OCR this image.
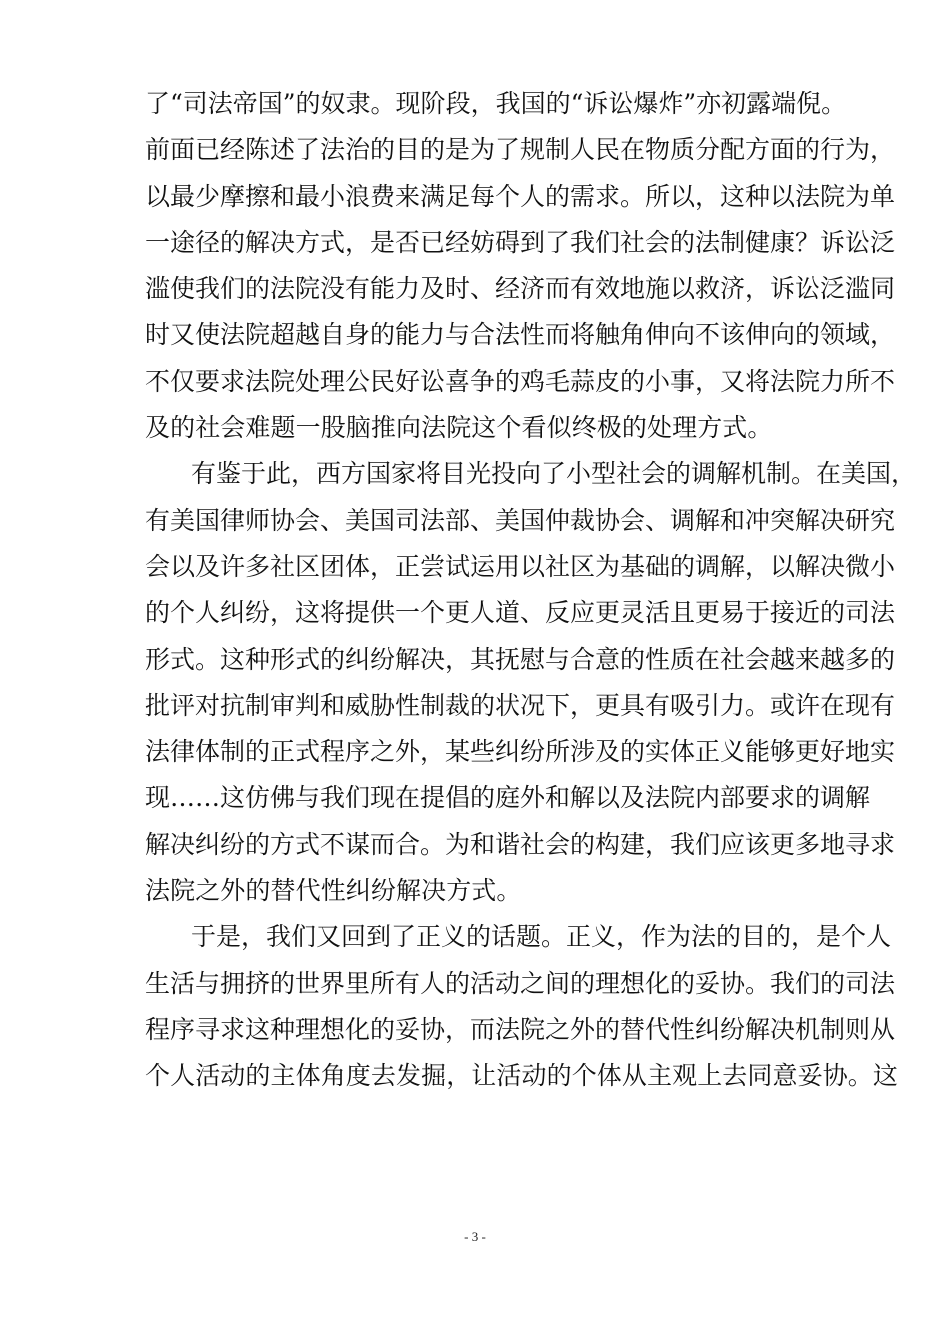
了“司法帝国”的奴隶。现阶段，我国的“诉讼爆炸”亦初露端倪。
前面已经陈述了法治的目的是为了规制人民在物质分配方面的行为，
以最少摩擦和最小浪费来满足每个人的需求。所以，这种以法院为单
一途径的解决方式，是否已经妨碍到了我们社会的法制健康？诉讼泛
滥使我们的法院没有能力及时、经济而有效地施以救济，诉讼泛滥同
时又使法院超越自身的能力与合法性而将触角伸向不该伸向的领域，
不仅要求法院处理公民好讼喜争的鸡毛蒜皮的小事，又将法院力所不
及的社会难题一股脑推向法院这个看似终极的处理方式。
有鉴于此，西方国家将目光投向了小型社会的调解机制。在美国，
有美国律师协会、美国司法部、美国仲裁协会、调解和冲突解决研究
会以及许多社区团体，正尝试运用以社区为基础的调解，以解决微小
的个人纠纷，这将提供一个更人道、反应更灵活且更易于接近的司法
形式。这种形式的纠纷解决，其抚慰与合意的性质在社会越来越多的
批评对抗制审判和威胁性制裁的状况下，更具有吸引力。或许在现有
法律体制的正式程序之外，某些纠纷所涉及的实体正义能够更好地实
现……这仿佛与我们现在提倡的庭外和解以及法院内部要求的调解
解决纠纷的方式不谋而合。为和谐社会的构建，我们应该更多地寻求
法院之外的替代性纠纷解决方式。
于是，我们又回到了正义的话题。正义，作为法的目的，是个人
生活与拥挤的世界里所有人的活动之间的理想化的妥协。我们的司法
程序寻求这种理想化的妥协，而法院之外的替代性纠纷解决机制则从
个人活动的主体角度去发掘，让活动的个体从主观上去同意妥协。这
- 3 -
